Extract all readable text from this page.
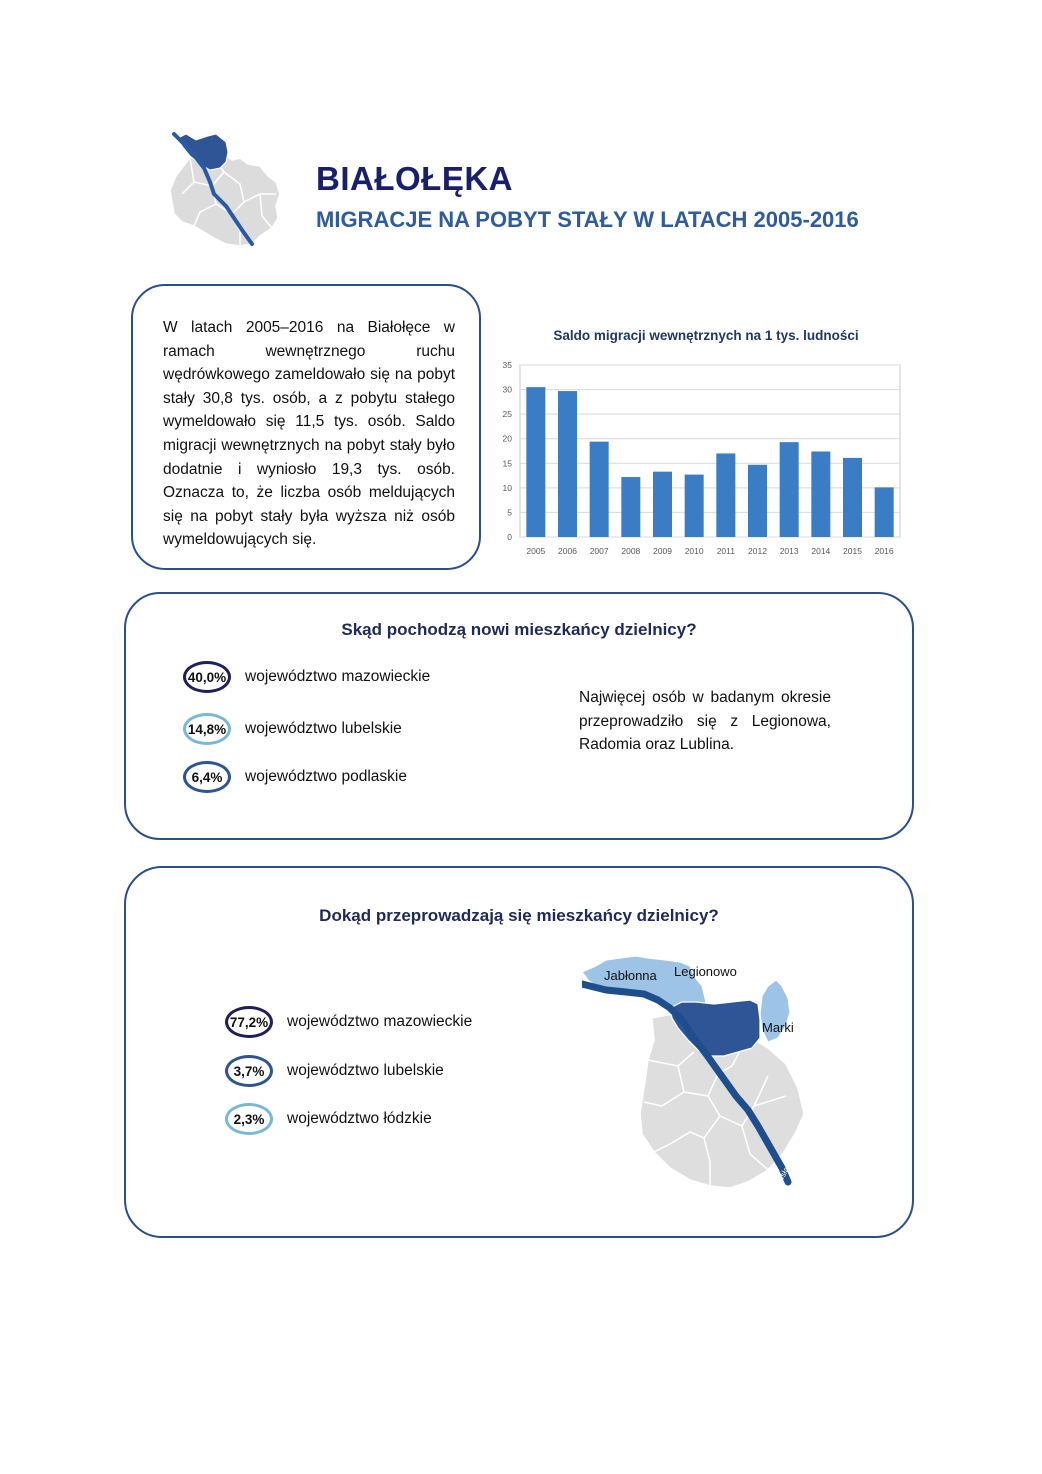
BIAŁOŁĘKA
MIGRACJE NA POBYT STAŁY W LATACH 2005-2016
W latach 2005–2016 na Białołęce w ramach wewnętrznego ruchu wędrówkowego zameldowało się na pobyt stały 30,8 tys. osób, a z pobytu stałego wymeldowało się 11,5 tys. osób. Saldo migracji wewnętrznych na pobyt stały było dodatnie i wyniosło 19,3 tys. osób. Oznacza to, że liczba osób meldujących się na pobyt stały była wyższa niż osób wymeldowujących się.
Saldo migracji wewnętrznych na 1 tys. ludności
0
5
10
15
20
25
30
35
2005 2006 2007 2008 2009 2010 2011 2012 2013 2014 2015 2016
Skąd pochodzą nowi mieszkańcy dzielnicy?
40,0%	województwo mazowieckie
14,8%	województwo lubelskie
6,4%	województwo podlaskie
Najwięcej osób w badanym okresie przeprowadziło się z Legionowa, Radomia oraz Lublina.
Dokąd przeprowadzają się mieszkańcy dzielnicy?
77,2%	województwo mazowieckie
3,7%	województwo lubelskie
2,3%	województwo łódzkie
Jabłonna Legionowo
Marki
Wisła
